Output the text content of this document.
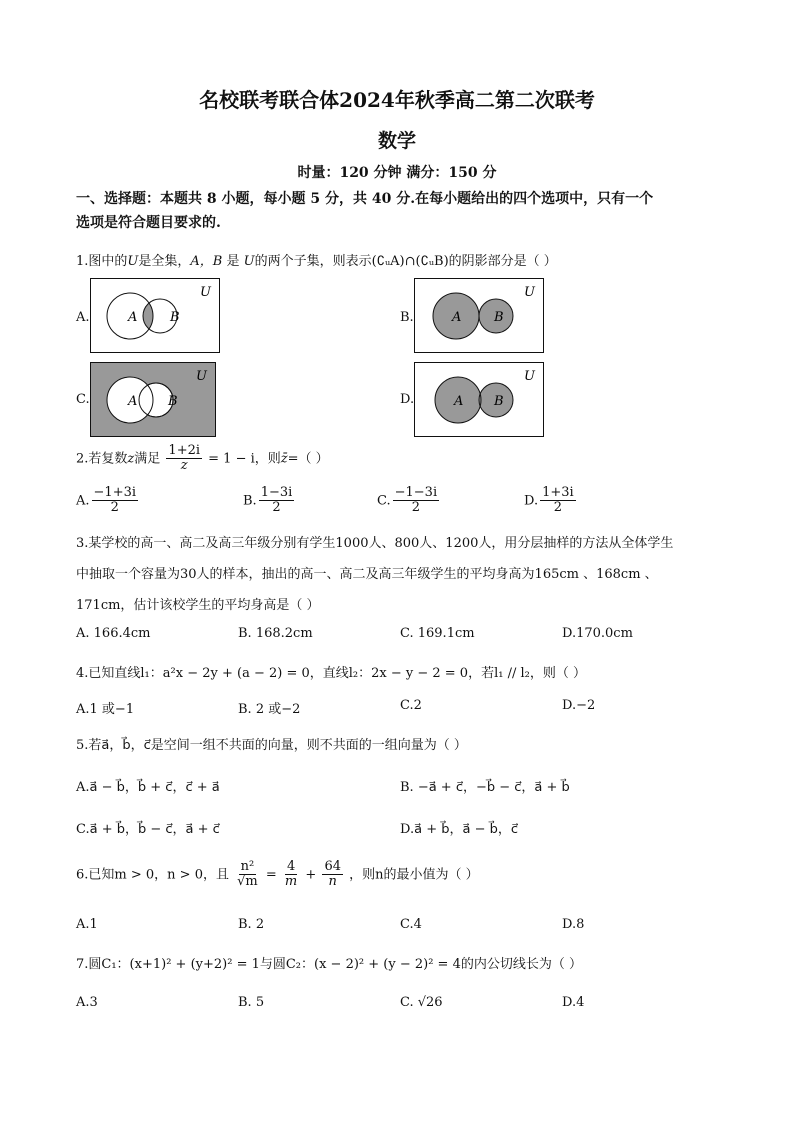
名校联考联合体2024年秋季高二第二次联考
数学
时量：120 分钟 满分：150 分
一、选择题：本题共 8 小题，每小题 5 分，共 40 分.在每小题给出的四个选项中，只有一个
选项是符合题目要求的.
1.图中的U是全集，A，B 是 U的两个子集，则表示(∁ᵤA)∩(∁ᵤB)的阴影部分是（ ）
A.	A	B
U
B.	A	B
U
C.	A B
U
D.	A B
U
2.若复数z满足 $\frac{1+2i}{z} = 1 - i$，则z̄=（ ）
A. $\frac{-1+3i}{2}$	B. $\frac{1-3i}{2}$	C. $\frac{-1-3i}{2}$	D. $\frac{1+3i}{2}$
3.某学校的高一、高二及高三年级分别有学生1000人、800人、1200人，用分层抽样的方法从全体学生
中抽取一个容量为30人的样本，抽出的高一、高二及高三年级学生的平均身高为165cm 、168cm 、
171cm，估计该校学生的平均身高是（ ）
A. 166.4cm	B. 168.2cm	C. 169.1cm	D.170.0cm
4.已知直线l₁：a²x − 2y + (a − 2) = 0，直线l₂：2x − y − 2 = 0，若l₁ // l₂，则（ ）
A.1 或−1	B. 2 或−2	C.2	D.−2
5.若a⃗，b⃗，c⃗是空间一组不共面的向量，则不共面的一组向量为（ ）
A.a⃗ − b⃗，b⃗ + c⃗，c⃗ + a⃗	B. −a⃗ + c⃗，−b⃗ − c⃗，a⃗ + b⃗
C.a⃗ + b⃗，b⃗ − c⃗，a⃗ + c⃗	D.a⃗ + b⃗，a⃗ − b⃗，c⃗
6.已知m > 0，n > 0，且 $\frac{\text{n²}}{√m} = \frac{4}{m} + \frac{64}{n}$ ，则n的最小值为（ ）
A.1	B. 2	C.4	D.8
7.圆C₁：(x+1)² + (y+2)² = 1与圆C₂：(x − 2)² + (y − 2)² = 4的内公切线长为（ ）
A.3	B. 5	C. √26	D.4
